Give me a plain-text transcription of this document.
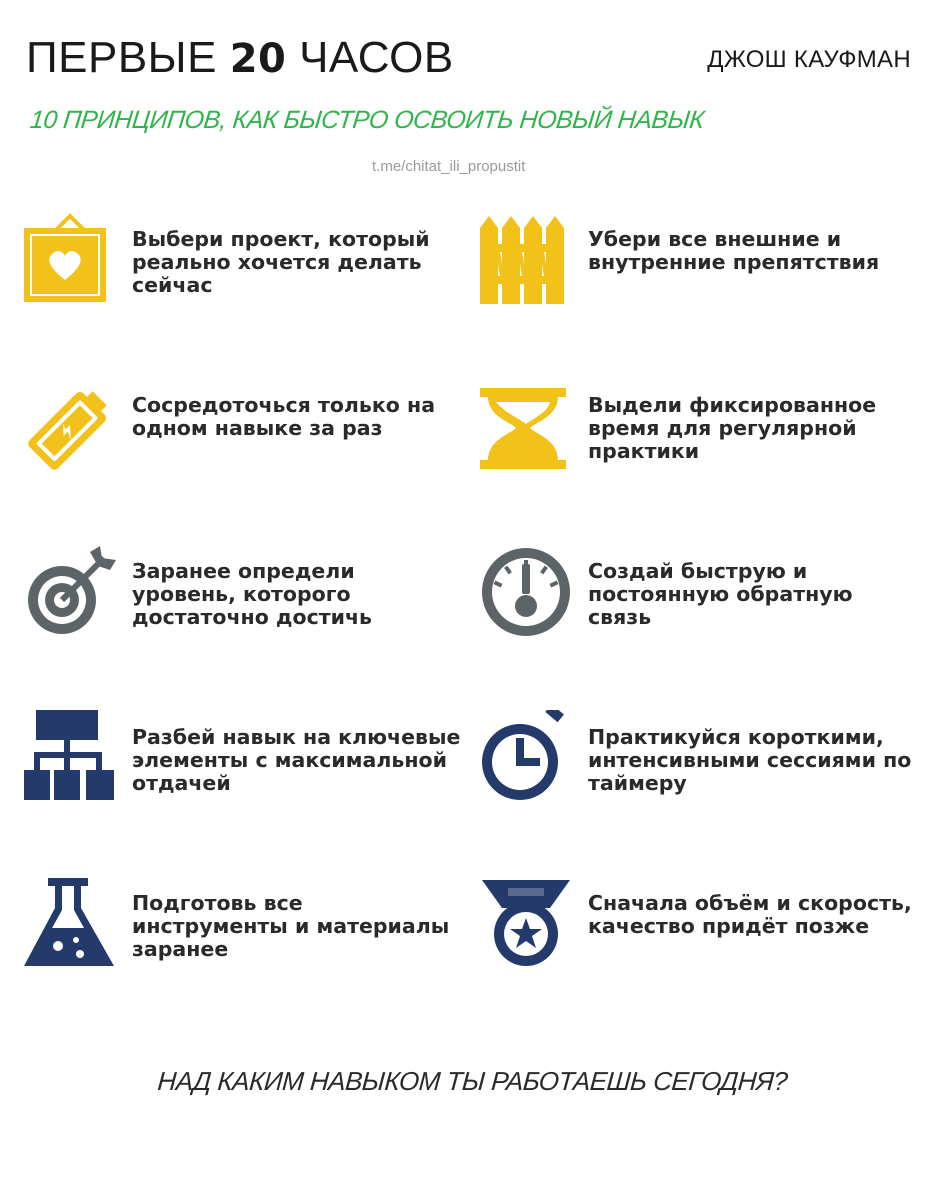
ПЕРВЫЕ 20 ЧАСОВ	ДЖОШ КАУФМАН
10 ПРИНЦИПОВ, КАК БЫСТРО ОСВОИТЬ НОВЫЙ НАВЫК
t.me/chitat_ili_propustit
Выбери проект, который реально хочется делать сейчас
Убери все внешние и внутренние препятствия
Сосредоточься только на одном навыке за раз
Выдели фиксированное время для регулярной практики
Заранее определи уровень, которого достаточно достичь
Создай быструю и постоянную обратную связь
Разбей навык на ключевые элементы с максимальной отдачей
Практикуйся короткими, интенсивными сессиями по таймеру
Подготовь все инструменты и материалы заранее
Сначала объём и скорость, качество придёт позже
НАД КАКИМ НАВЫКОМ ТЫ РАБОТАЕШЬ СЕГОДНЯ?
